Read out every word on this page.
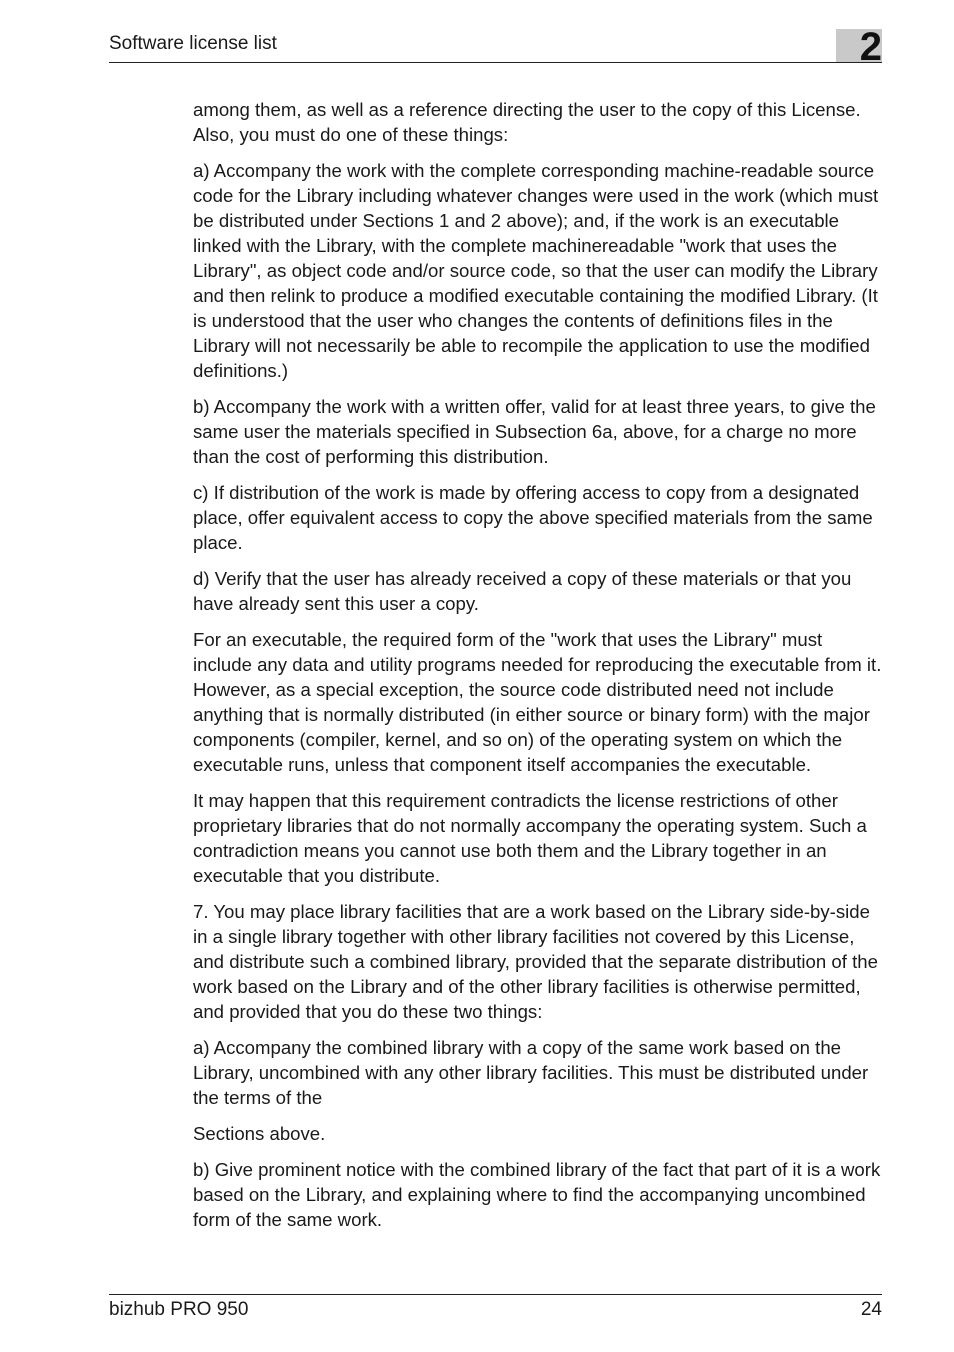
Software license list	2

among them, as well as a reference directing the user to the copy of this License. Also, you must do one of these things:

a) Accompany the work with the complete corresponding machine-readable source code for the Library including whatever changes were used in the work (which must be distributed under Sections 1 and 2 above); and, if the work is an executable linked with the Library, with the complete machinereadable "work that uses the Library", as object code and/or source code, so that the user can modify the Library and then relink to produce a modified executable containing the modified Library. (It is understood that the user who changes the contents of definitions files in the Library will not necessarily be able to recompile the application to use the modified definitions.)

b) Accompany the work with a written offer, valid for at least three years, to give the same user the materials specified in Subsection 6a, above, for a charge no more than the cost of performing this distribution.

c) If distribution of the work is made by offering access to copy from a designated place, offer equivalent access to copy the above specified materials from the same place.

d) Verify that the user has already received a copy of these materials or that you have already sent this user a copy.

For an executable, the required form of the "work that uses the Library" must include any data and utility programs needed for reproducing the executable from it. However, as a special exception, the source code distributed need not include anything that is normally distributed (in either source or binary form) with the major components (compiler, kernel, and so on) of the operating system on which the executable runs, unless that component itself accompanies the executable.

It may happen that this requirement contradicts the license restrictions of other proprietary libraries that do not normally accompany the operating system. Such a contradiction means you cannot use both them and the Library together in an executable that you distribute.

7. You may place library facilities that are a work based on the Library side-by-side in a single library together with other library facilities not covered by this License, and distribute such a combined library, provided that the separate distribution of the work based on the Library and of the other library facilities is otherwise permitted, and provided that you do these two things:

a) Accompany the combined library with a copy of the same work based on the Library, uncombined with any other library facilities. This must be distributed under the terms of the

Sections above.

b) Give prominent notice with the combined library of the fact that part of it is a work based on the Library, and explaining where to find the accompanying uncombined form of the same work.

bizhub PRO 950	24
